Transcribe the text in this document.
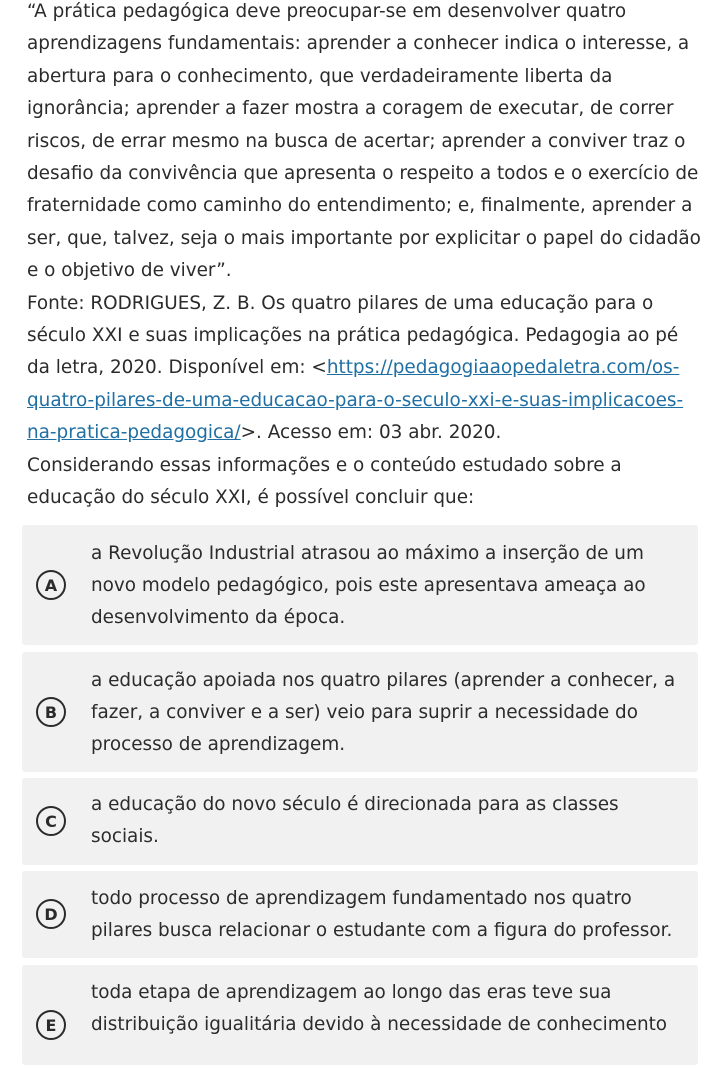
“A prática pedagógica deve preocupar-se em desenvolver quatro aprendizagens fundamentais: aprender a conhecer indica o interesse, a abertura para o conhecimento, que verdadeiramente liberta da ignorância; aprender a fazer mostra a coragem de executar, de correr riscos, de errar mesmo na busca de acertar; aprender a conviver traz o desafio da convivência que apresenta o respeito a todos e o exercício de fraternidade como caminho do entendimento; e, finalmente, aprender a ser, que, talvez, seja o mais importante por explicitar o papel do cidadão e o objetivo de viver”.

Fonte: RODRIGUES, Z. B. Os quatro pilares de uma educação para o século XXI e suas implicações na prática pedagógica. Pedagogia ao pé da letra, 2020. Disponível em: <https://pedagogiaaopedaletra.com/os-quatro-pilares-de-uma-educacao-para-o-seculo-xxi-e-suas-implicacoes-na-pratica-pedagogica/>. Acesso em: 03 abr. 2020.

Considerando essas informações e o conteúdo estudado sobre a educação do século XXI, é possível concluir que:

A
a Revolução Industrial atrasou ao máximo a inserção de um novo modelo pedagógico, pois este apresentava ameaça ao desenvolvimento da época.
B
a educação apoiada nos quatro pilares (aprender a conhecer, a fazer, a conviver e a ser) veio para suprir a necessidade do processo de aprendizagem.
C
a educação do novo século é direcionada para as classes sociais.
D
todo processo de aprendizagem fundamentado nos quatro pilares busca relacionar o estudante com a figura do professor.
E
toda etapa de aprendizagem ao longo das eras teve sua distribuição igualitária devido à necessidade de conhecimento
